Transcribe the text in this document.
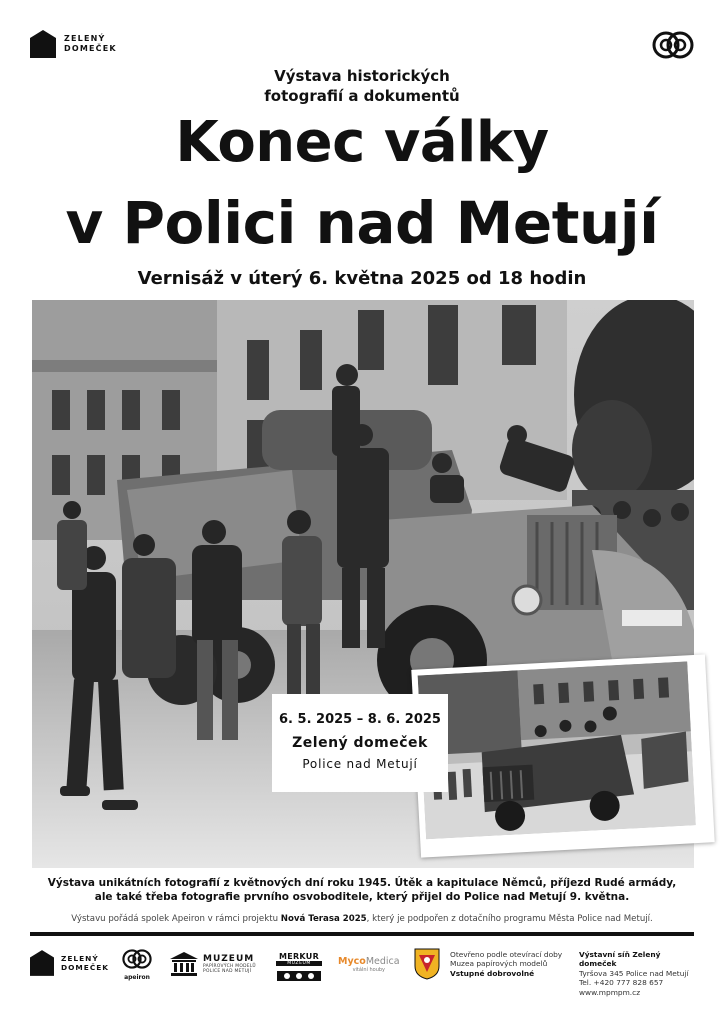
ZELENÝ
DOMEČEK
Výstava historických
fotografií a dokumentů
Konec války
v Polici nad Metují
Vernisáž v úterý 6. května 2025 od 18 hodin
6. 5. 2025 – 8. 6. 2025
Zelený domeček
Police nad Metují
Výstava unikátních fotografií z květnových dní roku 1945. Útěk a kapitulace Němců, příjezd Rudé armády,
ale také třeba fotografie prvního osvoboditele, který přijel do Police nad Metují 9. května.
Výstavu pořádá spolek Apeiron v rámci projektu Nová Terasa 2025, který je podpořen z dotačního programu Města Police nad Metují.
ZELENÝ
DOMEČEK
apeiron
MUZEUM
PAPÍROVÝCH MODELŮ
POLICE NAD METUJÍ
MERKUR
MUZEUM	MycoMedica
vitální houby
Otevřeno podle otevírací doby
Muzea papírových modelů
Vstupné dobrovolné
Výstavní síň Zelený domeček
Tyršova 345 Police nad Metují
Tel. +420 777 828 657
www.mpmpm.cz
